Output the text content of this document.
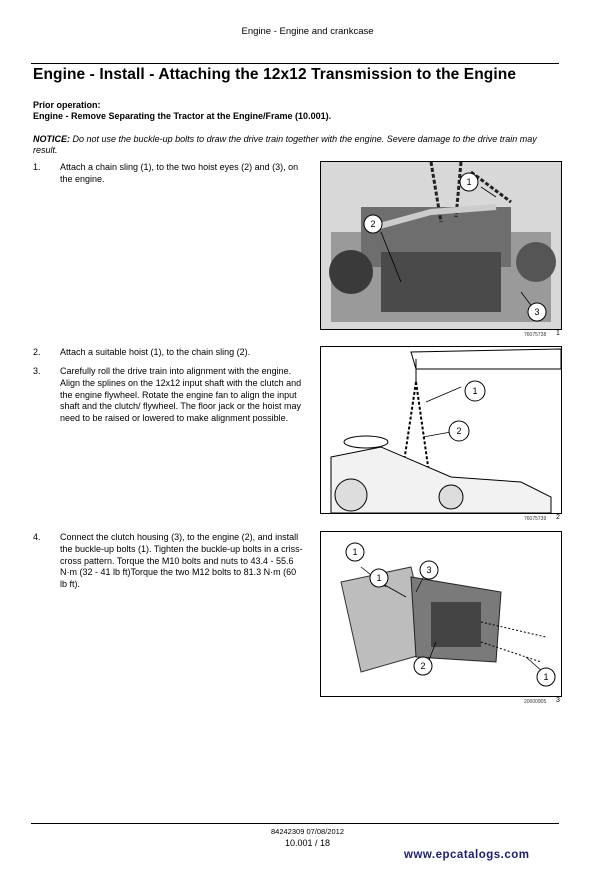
Engine - Engine and crankcase
Engine - Install - Attaching the 12x12 Transmission to the Engine
Prior operation:
Engine - Remove Separating the Tractor at the Engine/Frame (10.001).
NOTICE: Do not use the buckle-up bolts to draw the drive train together with the engine. Severe damage to the drive train may result.
1. Attach a chain sling (1), to the two hoist eyes (2) and (3), on the engine.
2. Attach a suitable hoist (1), to the chain sling (2).
3. Carefully roll the drive train into alignment with the engine. Align the splines on the 12x12 input shaft with the clutch and the engine flywheel. Rotate the engine fan to align the input shaft and the clutch/ flywheel. The floor jack or the hoist may need to be raised or lowered to make alignment possible.
4. Connect the clutch housing (3), to the engine (2), and install the buckle-up bolts (1). Tighten the buckle-up bolts in a criss-cross pattern. Torque the M10 bolts and nuts to 43.4 - 55.6 N·m (32 - 41 lb ft)Torque the two M12 bolts to 81.3 N·m (60 lb ft).
1
2
3
76075738 1
1
2
76075739 2
1
1
2
3
1
20000905 3
84242309 07/08/2012
10.001 / 18
www.epcatalogs.com
